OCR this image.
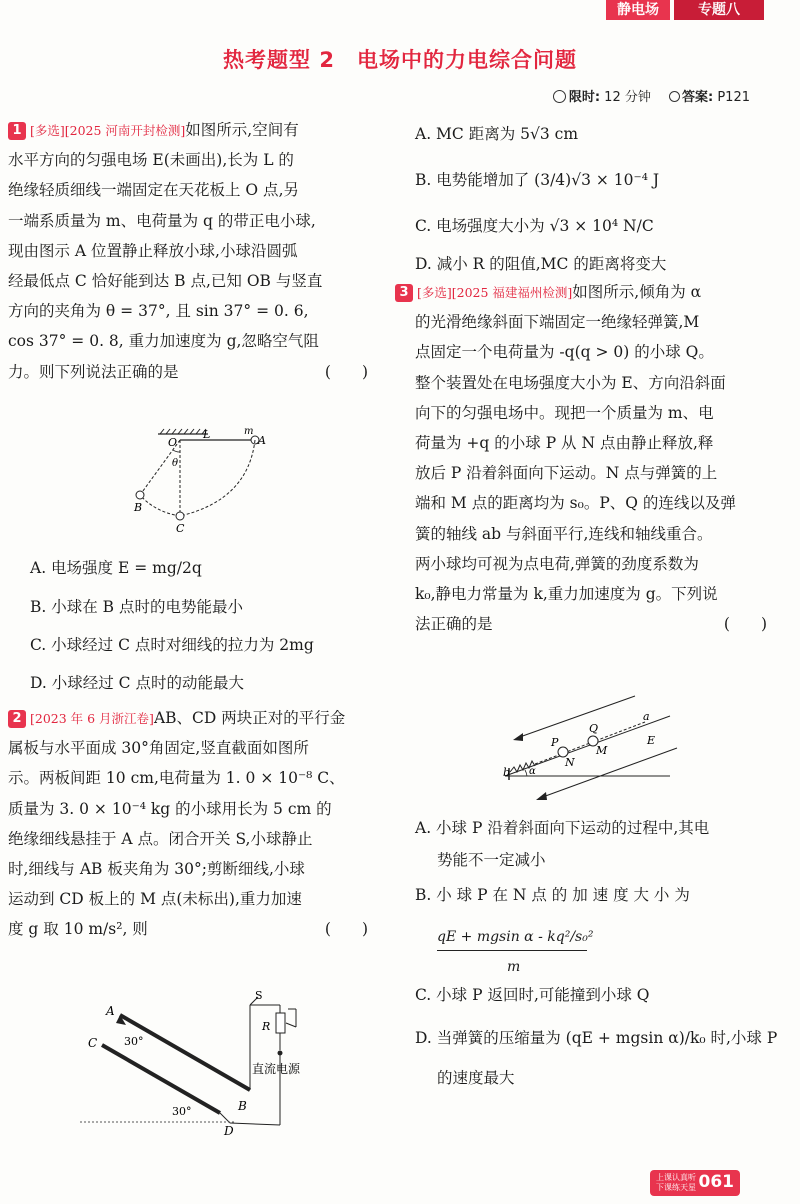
静电场	专题八
热考题型 2　电场中的力电综合问题
限时: 12 分钟 答案: P121
1 [多选][2025 河南开封检测]如图所示,空间有
水平方向的匀强电场 E(未画出),长为 L 的
绝缘轻质细线一端固定在天花板上 O 点,另
一端系质量为 m、电荷量为 q 的带正电小球,
现由图示 A 位置静止释放小球,小球沿圆弧
经最低点 C 恰好能到达 B 点,已知 OB 与竖直
方向的夹角为 θ = 37°, 且 sin 37° = 0. 6,
cos 37° = 0. 8, 重力加速度为 g,忽略空气阻
力。则下列说法正确的是	(　　)
O
L	m
A
θ
B
C
A. 电场强度 E = mg/2q
B. 小球在 B 点时的电势能最小
C. 小球经过 C 点时对细线的拉力为 2mg
D. 小球经过 C 点时的动能最大
2 [2023 年 6 月浙江卷]AB、CD 两块正对的平行金
属板与水平面成 30°角固定,竖直截面如图所
示。两板间距 10 cm,电荷量为 1. 0 × 10⁻⁸ C、
质量为 3. 0 × 10⁻⁴ kg 的小球用长为 5 cm 的
绝缘细线悬挂于 A 点。闭合开关 S,小球静止
时,细线与 AB 板夹角为 30°;剪断细线,小球
运动到 CD 板上的 M 点(未标出),重力加速
度 g 取 10 m/s², 则	(　　)
A
C
B
D
S
R
30°
30°
直流电源
A. MC 距离为 5√3 cm
B. 电势能增加了 (3/4)√3 × 10⁻⁴ J
C. 电场强度大小为 √3 × 10⁴ N/C
D. 减小 R 的阻值,MC 的距离将变大
3 [多选][2025 福建福州检测]如图所示,倾角为 α
的光滑绝缘斜面下端固定一绝缘轻弹簧,M
点固定一个电荷量为 -q(q > 0) 的小球 Q。
整个装置处在电场强度大小为 E、方向沿斜面
向下的匀强电场中。现把一个质量为 m、电
荷量为 +q 的小球 P 从 N 点由静止释放,释
放后 P 沿着斜面向下运动。N 点与弹簧的上
端和 M 点的距离均为 s₀。P、Q 的连线以及弹
簧的轴线 ab 与斜面平行,连线和轴线重合。
两小球均可视为点电荷,弹簧的劲度系数为
k₀,静电力常量为 k,重力加速度为 g。下列说
法正确的是	(　　)
Q
P
M
N
a
b
E
α
A. 小球 P 沿着斜面向下运动的过程中,其电
势能不一定减小
B. 小 球 P 在 N 点 的 加 速 度 大 小 为
qE + mgsin α - kq²/s₀²
m
C. 小球 P 返回时,可能撞到小球 Q
D. 当弹簧的压缩量为 (qE + mgsin α)/k₀ 时,小球 P
的速度最大
上课认真听
下课练天星 061
